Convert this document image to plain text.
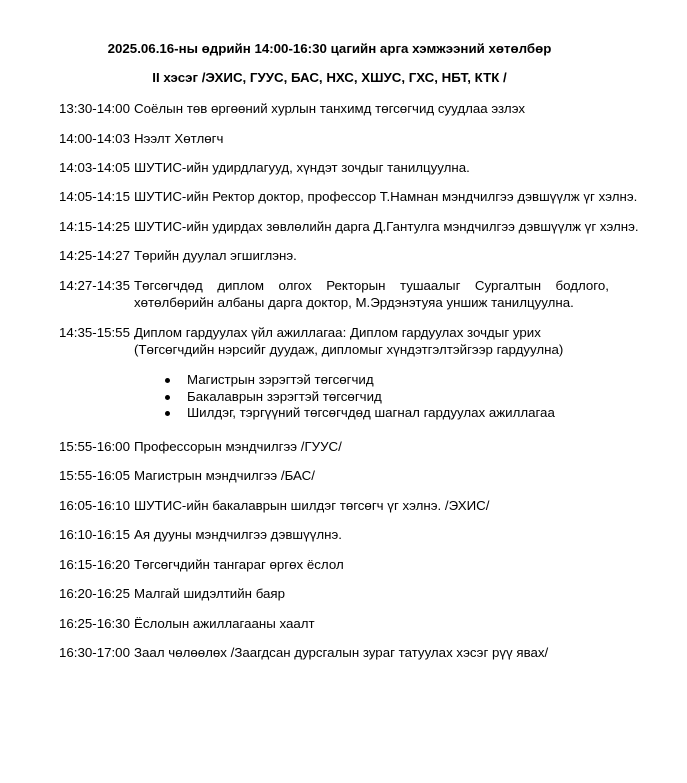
2025.06.16-ны өдрийн 14:00-16:30 цагийн арга хэмжээний хөтөлбөр
II хэсэг /ЭХИС, ГУУС, БАС, НХС, ХШУС, ГХС, НБТ, КТК /
13:30-14:00 Соёлын төв өргөөний хурлын танхимд төгсөгчид суудлаа эзлэх
14:00-14:03 Нээлт Хөтлөгч
14:03-14:05 ШУТИС-ийн удирдлагууд, хүндэт зочдыг танилцуулна.
14:05-14:15 ШУТИС-ийн Ректор доктор, профессор Т.Намнан мэндчилгээ дэвшүүлж үг хэлнэ.
14:15-14:25 ШУТИС-ийн удирдах зөвлөлийн дарга Д.Гантулга мэндчилгээ дэвшүүлж үг хэлнэ.
14:25-14:27 Төрийн дуулал эгшиглэнэ.
14:27-14:35 Төгсөгчдөд диплом олгох Ректорын тушаалыг Сургалтын бодлого,
хөтөлбөрийн албаны дарга доктор, М.Эрдэнэтуяа уншиж танилцуулна.
14:35-15:55 Диплом гардуулах үйл ажиллагаа: Диплом гардуулах зочдыг урих
(Төгсөгчдийн нэрсийг дуудаж, дипломыг хүндэтгэлтэйгээр гардуулна)
Магистрын зэрэгтэй төгсөгчид
Бакалаврын зэрэгтэй төгсөгчид
Шилдэг, тэргүүний төгсөгчдөд шагнал гардуулах ажиллагаа
15:55-16:00 Профессорын мэндчилгээ /ГУУС/
15:55-16:05 Магистрын мэндчилгээ /БАС/
16:05-16:10 ШУТИС-ийн бакалаврын шилдэг төгсөгч үг хэлнэ. /ЭХИС/
16:10-16:15 Ая дууны мэндчилгээ дэвшүүлнэ.
16:15-16:20 Төгсөгчдийн тангараг өргөх ёслол
16:20-16:25 Малгай шидэлтийн баяр
16:25-16:30 Ёслолын ажиллагааны хаалт
16:30-17:00 Заал чөлөөлөх /Заагдсан дурсгалын зураг татуулах хэсэг рүү явах/
